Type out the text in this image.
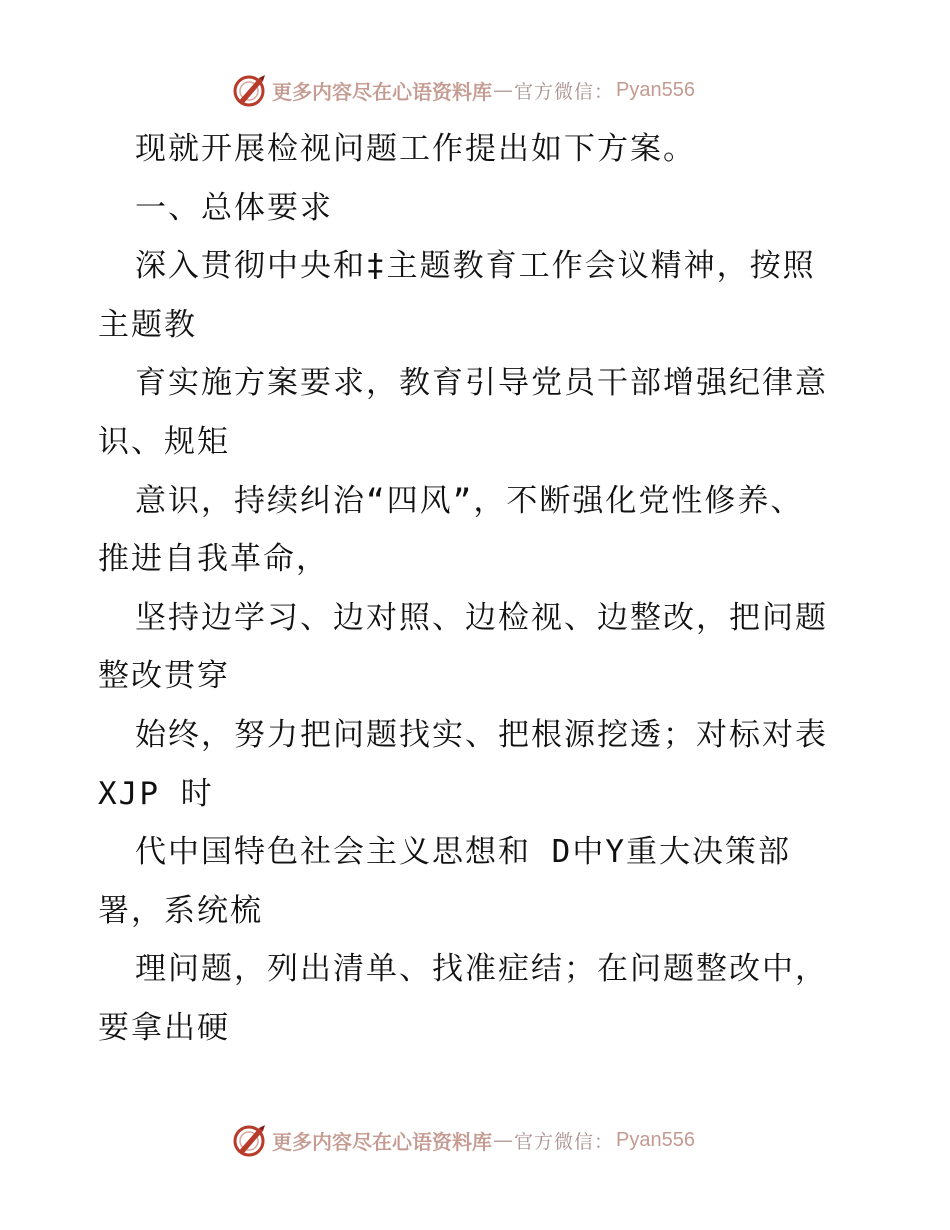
更多内容尽在心语资料库 — 官方微信： Pyan556
现就开展检视问题工作提出如下方案。
一、总体要求
深入贯彻中央和‡主题教育工作会议精神，按照
主题教
育实施方案要求，教育引导党员干部增强纪律意
识、规矩
意识，持续纠治“四风”，不断强化党性修养、
推进自我革命，
坚持边学习、边对照、边检视、边整改，把问题
整改贯穿
始终，努力把问题找实、把根源挖透；对标对表
XJP 时
代中国特色社会主义思想和 D中Y重大决策部
署，系统梳
理问题，列出清单、找准症结；在问题整改中，
要拿出硬
更多内容尽在心语资料库 — 官方微信： Pyan556
